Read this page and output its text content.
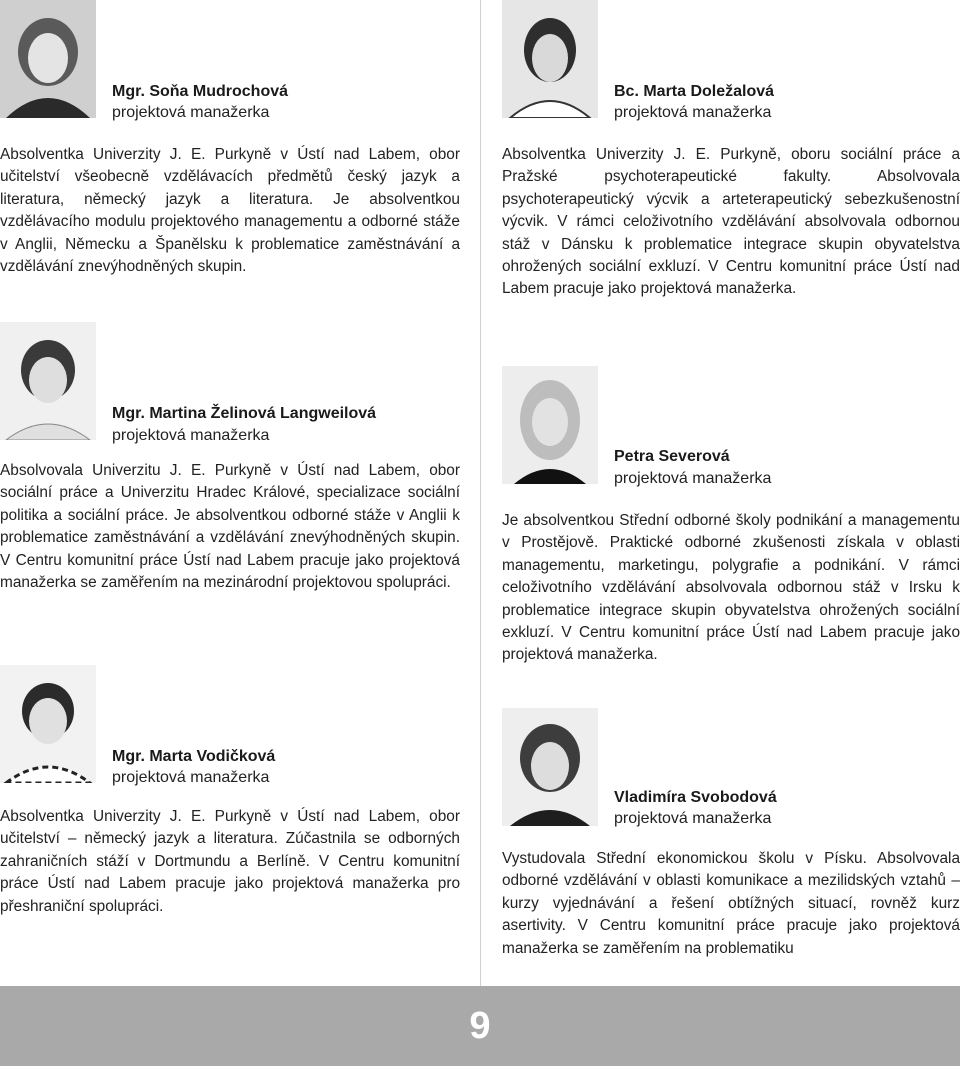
Mgr. Soňa Mudrochová
projektová manažerka

Absolventka Univerzity J. E. Purkyně v Ústí nad Labem, obor učitelství všeobecně vzdělávacích předmětů český jazyk a literatura, německý jazyk a literatura. Je absolventkou vzdělávacího modulu projektového managementu a odborné stáže v Anglii, Německu a Španělsku k problematice zaměstnávání a vzdělávání znevýhodněných skupin.

Bc. Marta Doležalová
projektová manažerka

Absolventka Univerzity J. E. Purkyně, oboru sociální práce a Pražské psychoterapeutické fakulty. Absolvovala psychoterapeutický výcvik a arteterapeutický sebezkušenostní výcvik. V rámci celoživotního vzdělávání absolvovala odbornou stáž v Dánsku k problematice integrace skupin obyvatelstva ohrožených sociální exkluzí. V Centru komunitní práce Ústí nad Labem pracuje jako projektová manažerka.

Mgr. Martina Želinová Langweilová
projektová manažerka

Absolvovala Univerzitu J. E. Purkyně v Ústí nad Labem, obor sociální práce a Univerzitu Hradec Králové, specializace sociální politika a sociální práce. Je absolventkou odborné stáže v Anglii k problematice zaměstnávání a vzdělávání znevýhodněných skupin. V Centru komunitní práce Ústí nad Labem pracuje jako projektová manažerka se zaměřením na mezinárodní projektovou spolupráci.

Petra Severová
projektová manažerka

Je absolventkou Střední odborné školy podnikání a managementu v Prostějově. Praktické odborné zkušenosti získala v oblasti managementu, marketingu, polygrafie a podnikání. V rámci celoživotního vzdělávání absolvovala odbornou stáž v Irsku k problematice integrace skupin obyvatelstva ohrožených sociální exkluzí. V Centru komunitní práce Ústí nad Labem pracuje jako projektová manažerka.

Mgr. Marta Vodičková
projektová manažerka

Absolventka Univerzity J. E. Purkyně v Ústí nad Labem, obor učitelství – německý jazyk a literatura. Zúčastnila se odborných zahraničních stáží v Dortmundu a Berlíně. V Centru komunitní práce Ústí nad Labem pracuje jako projektová manažerka pro přeshraniční spolupráci.

Vladimíra Svobodová
projektová manažerka

Vystudovala Střední ekonomickou školu v Písku. Absolvovala odborné vzdělávání v oblasti komunikace a mezilidských vztahů – kurzy vyjednávání a řešení obtížných situací, rovněž kurz asertivity. V Centru komunitní práce pracuje jako projektová manažerka se zaměřením na problematiku

9
